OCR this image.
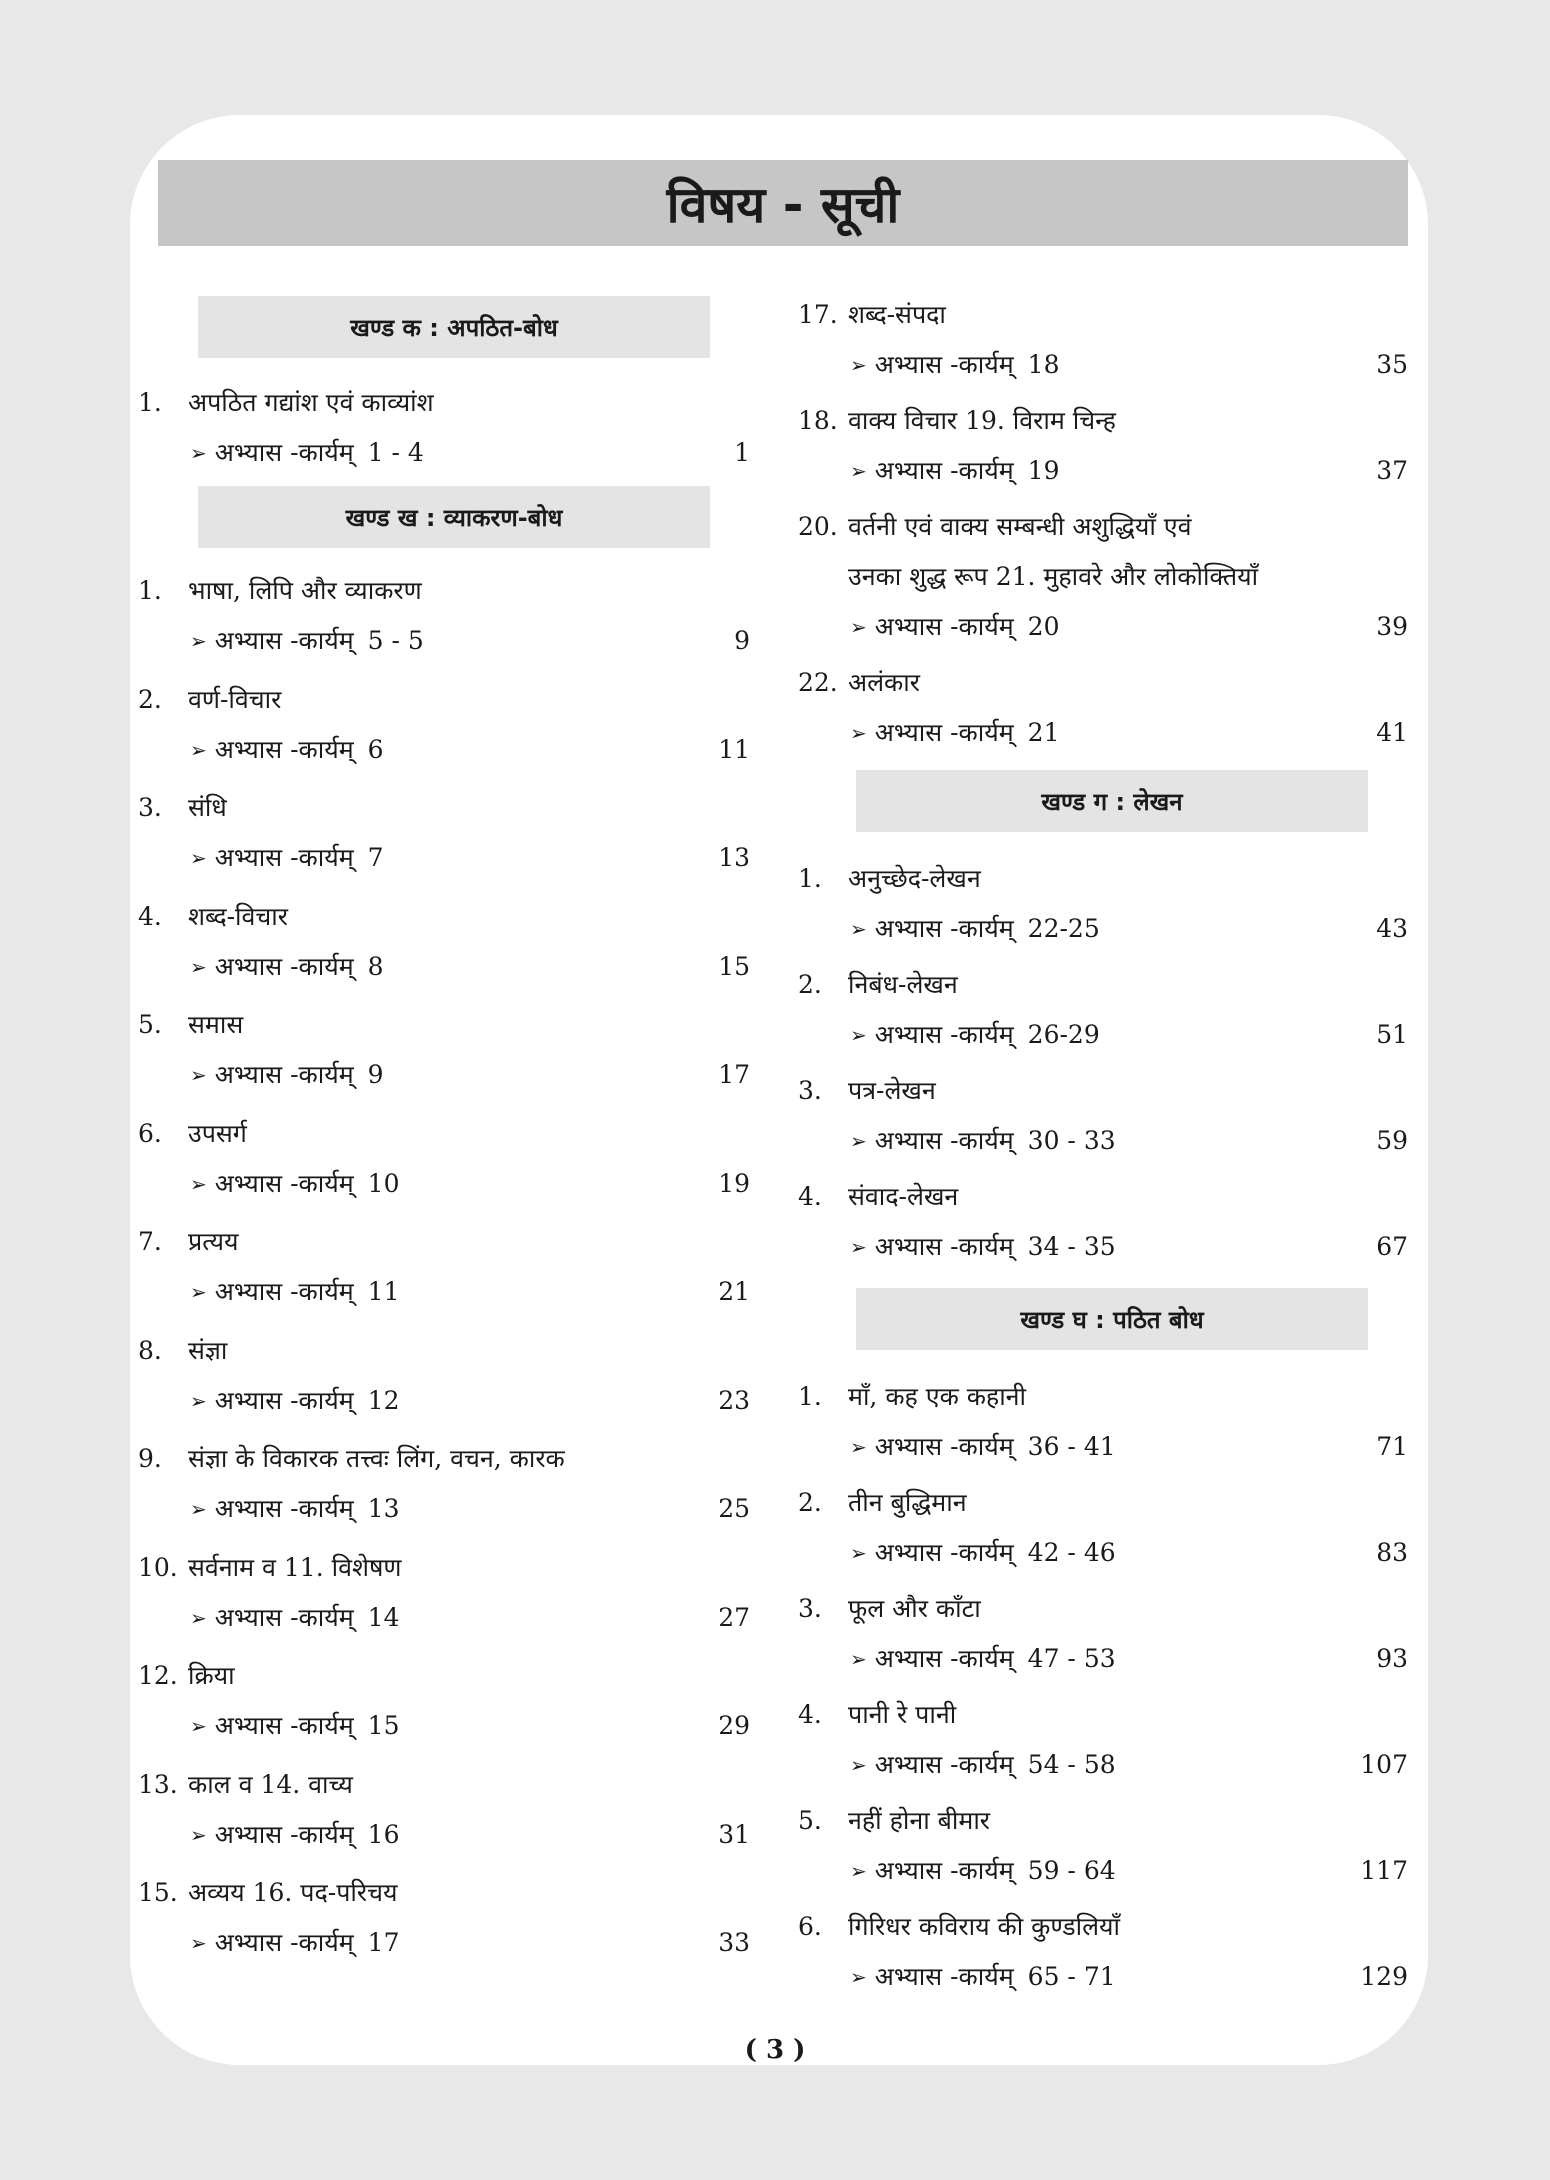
विषय - सूची
खण्ड क : अपठित-बोध
1.	अपठित गद्यांश एवं काव्यांश
➢ अभ्यास -कार्यम् 1 - 4	1
खण्ड ख : व्याकरण-बोध
1.	भाषा, लिपि और व्याकरण
➢ अभ्यास -कार्यम् 5 - 5	9
2.	वर्ण-विचार
➢ अभ्यास -कार्यम् 6	11
3.	संधि
➢ अभ्यास -कार्यम् 7	13
4.	शब्द-विचार
➢ अभ्यास -कार्यम् 8	15
5.	समास
➢ अभ्यास -कार्यम् 9	17
6.	उपसर्ग
➢ अभ्यास -कार्यम् 10	19
7.	प्रत्यय
➢ अभ्यास -कार्यम् 11	21
8.	संज्ञा
➢ अभ्यास -कार्यम् 12	23
9.	संज्ञा के विकारक तत्त्वः लिंग, वचन, कारक
➢ अभ्यास -कार्यम् 13	25
10. सर्वनाम व 11. विशेषण
➢ अभ्यास -कार्यम् 14	27
12. क्रिया
➢ अभ्यास -कार्यम् 15	29
13. काल व 14. वाच्य
➢ अभ्यास -कार्यम् 16	31
15. अव्यय 16. पद-परिचय
➢ अभ्यास -कार्यम् 17	33
17. शब्द-संपदा
➢ अभ्यास -कार्यम् 18	35
18. वाक्य विचार 19. विराम चिन्ह
➢ अभ्यास -कार्यम् 19	37
20. वर्तनी एवं वाक्य सम्बन्धी अशुद्धियाँ एवं
उनका शुद्ध रूप 21. मुहावरे और लोकोक्तियाँ
➢ अभ्यास -कार्यम् 20	39
22. अलंकार
➢ अभ्यास -कार्यम् 21	41
खण्ड ग : लेखन
1.	अनुच्छेद-लेखन
➢ अभ्यास -कार्यम् 22-25	43
2.	निबंध-लेखन
➢ अभ्यास -कार्यम् 26-29	51
3.	पत्र-लेखन
➢ अभ्यास -कार्यम् 30 - 33	59
4.	संवाद-लेखन
➢ अभ्यास -कार्यम् 34 - 35	67
खण्ड घ : पठित बोध
1.	माँ, कह एक कहानी
➢ अभ्यास -कार्यम् 36 - 41	71
2.	तीन बुद्धिमान
➢ अभ्यास -कार्यम् 42 - 46	83
3.	फूल और काँटा
➢ अभ्यास -कार्यम् 47 - 53	93
4.	पानी रे पानी
➢ अभ्यास -कार्यम् 54 - 58	107
5.	नहीं होना बीमार
➢ अभ्यास -कार्यम् 59 - 64	117
6.	गिरिधर कविराय की कुण्डलियाँ
➢ अभ्यास -कार्यम् 65 - 71	129
( 3 )
